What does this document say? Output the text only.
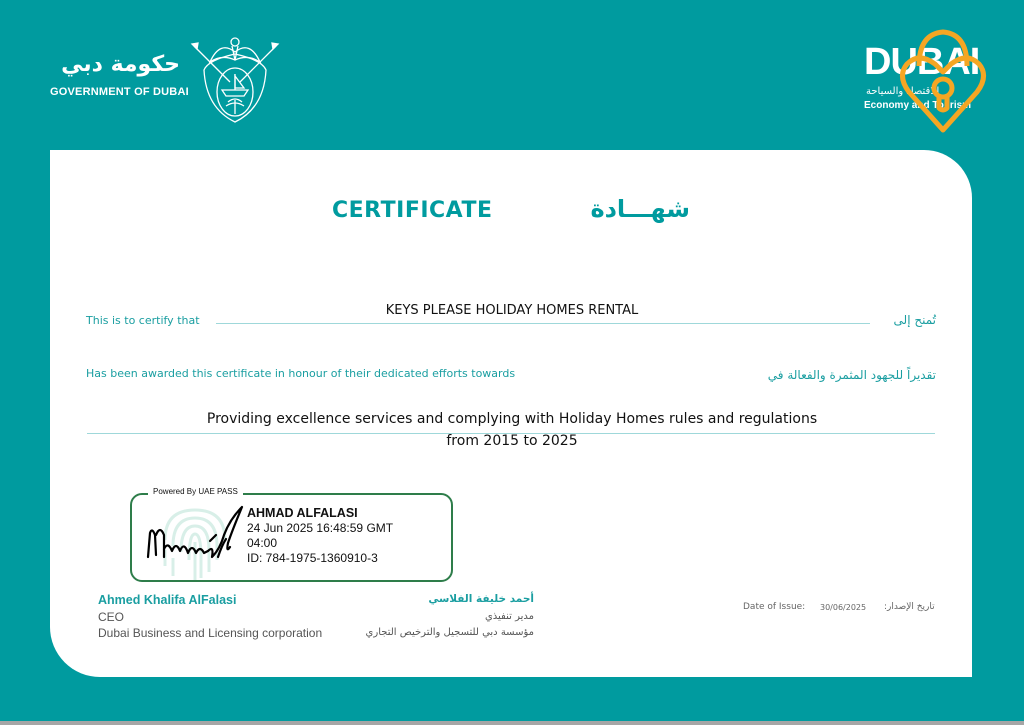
حكومة دبي
GOVERNMENT OF DUBAI
DUBAI
للاقتصاد والسياحة
Economy and Tourism
CERTIFICATE	شهـــادة
This is to certify that
KEYS PLEASE HOLIDAY HOMES RENTAL
تُمنح إلى
Has been awarded this certificate in honour of their dedicated efforts towards	تقديراً للجهود المثمرة والفعالة في
Providing excellence services and complying with Holiday Homes rules and regulations
from 2015 to 2025
Powered By UAE PASS
AHMAD ALFALASI
24 Jun 2025 16:48:59 GMT
04:00
ID: 784-1975-1360910-3
Ahmed Khalifa AlFalasi
CEO
Dubai Business and Licensing corporation
أحمد خليفة الفلاسي
مدير تنفيذي
مؤسسة دبي للتسجيل والترخيص التجاري
Date of Issue: 30/06/2025 تاريخ الإصدار:
